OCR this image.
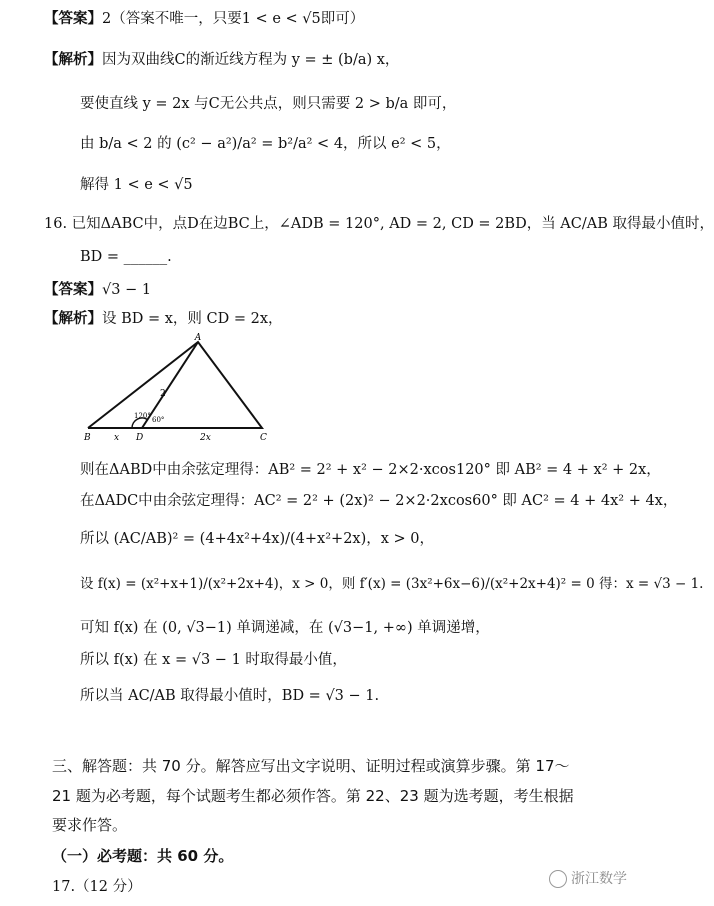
【答案】2（答案不唯一，只要1 < e < √5即可）
【解析】因为双曲线C的渐近线方程为 y = ± (b/a) x，
要使直线 y = 2x 与C无公共点，则只需要 2 > b/a 即可，
由 b/a < 2 的 (c² − a²)/a² = b²/a² < 4，所以 e² < 5，
解得 1 < e < √5
16. 已知ΔABC中，点D在边BC上，∠ADB = 120°, AD = 2, CD = 2BD，当 AC/AB 取得最小值时，
BD = ______.
【答案】√3 − 1
【解析】设 BD = x，则 CD = 2x，
A
B	C
D
2
120° 60°
x	2x
则在ΔABD中由余弦定理得：AB² = 2² + x² − 2×2·xcos120° 即 AB² = 4 + x² + 2x，
在ΔADC中由余弦定理得：AC² = 2² + (2x)² − 2×2·2xcos60° 即 AC² = 4 + 4x² + 4x，
所以 (AC/AB)² = (4+4x²+4x)/(4+x²+2x)，x > 0，
设 f(x) = (x²+x+1)/(x²+2x+4)，x > 0，则 f′(x) = (3x²+6x−6)/(x²+2x+4)² = 0 得：x = √3 − 1.
可知 f(x) 在 (0, √3−1) 单调递减，在 (√3−1, +∞) 单调递增，
所以 f(x) 在 x = √3 − 1 时取得最小值，
所以当 AC/AB 取得最小值时，BD = √3 − 1.
三、解答题：共 70 分。解答应写出文字说明、证明过程或演算步骤。第 17～
21 题为必考题，每个试题考生都必须作答。第 22、23 题为选考题，考生根据
要求作答。
（一）必考题：共 60 分。
17.（12 分）	浙江数学
